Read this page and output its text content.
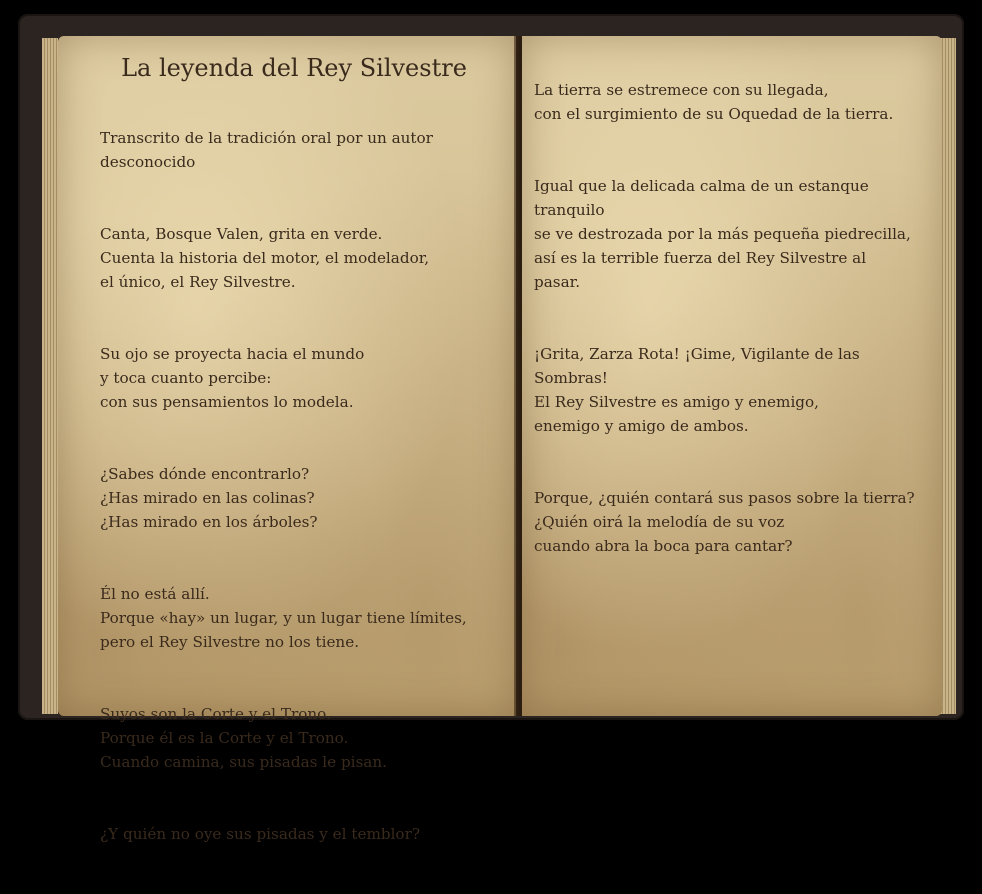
La leyenda del Rey Silvestre

Transcrito de la tradición oral por un autor desconocido

Canta, Bosque Valen, grita en verde.
Cuenta la historia del motor, el modelador,
el único, el Rey Silvestre.

Su ojo se proyecta hacia el mundo
y toca cuanto percibe:
con sus pensamientos lo modela.

¿Sabes dónde encontrarlo?
¿Has mirado en las colinas?
¿Has mirado en los árboles?

Él no está allí.
Porque «hay» un lugar, y un lugar tiene límites,
pero el Rey Silvestre no los tiene.

Suyos son la Corte y el Trono.
Porque él es la Corte y el Trono.
Cuando camina, sus pisadas le pisan.

¿Y quién no oye sus pisadas y el temblor?

La tierra se estremece con su llegada,
con el surgimiento de su Oquedad de la tierra.

Igual que la delicada calma de un estanque
tranquilo
se ve destrozada por la más pequeña piedrecilla,
así es la terrible fuerza del Rey Silvestre al
pasar.

¡Grita, Zarza Rota! ¡Gime, Vigilante de las
Sombras!
El Rey Silvestre es amigo y enemigo,
enemigo y amigo de ambos.

Porque, ¿quién contará sus pasos sobre la tierra?
¿Quién oirá la melodía de su voz
cuando abra la boca para cantar?
